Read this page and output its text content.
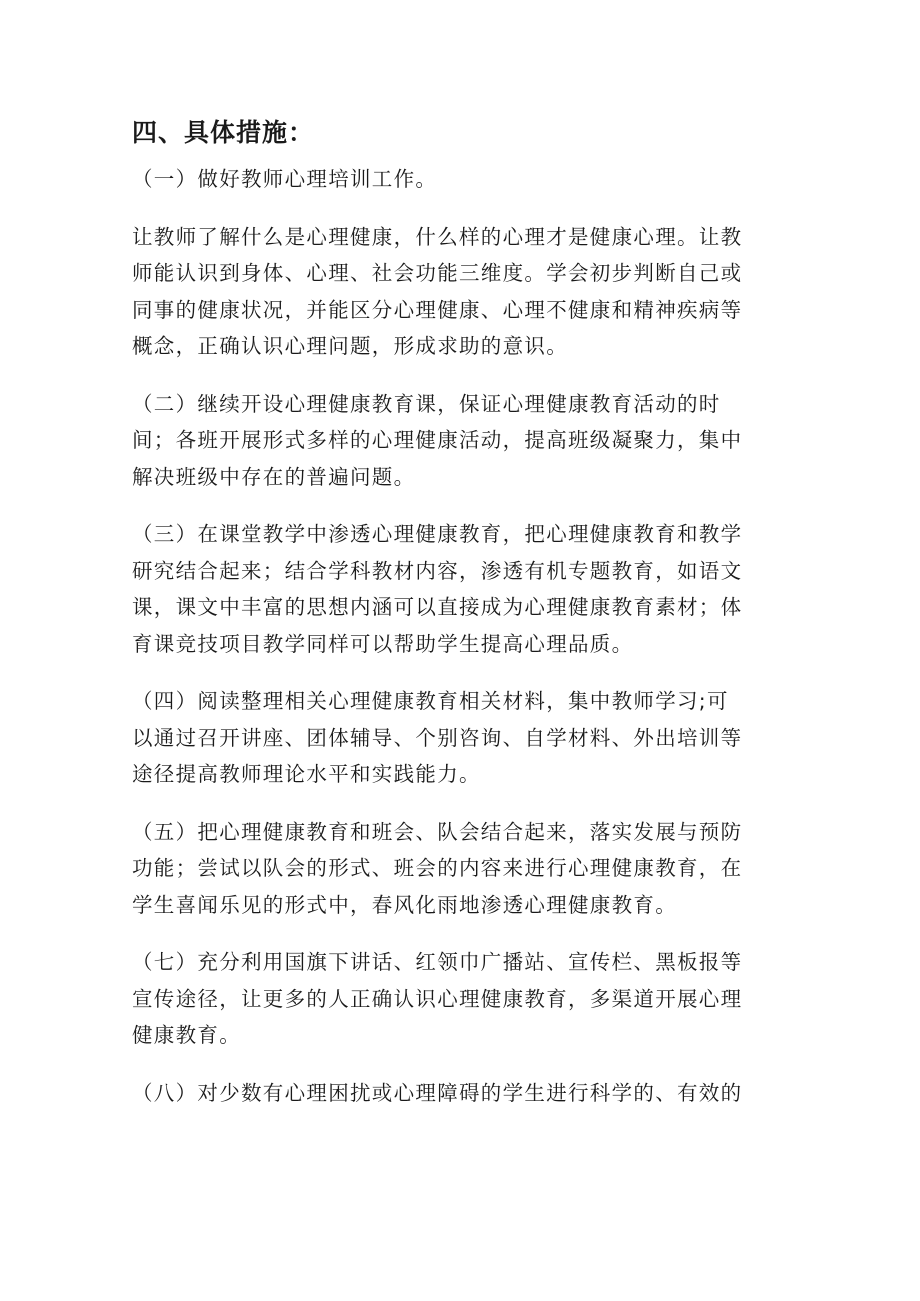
四、具体措施：
（一）做好教师心理培训工作。
让教师了解什么是心理健康，什么样的心理才是健康心理。让教
师能认识到身体、心理、社会功能三维度。学会初步判断自己或
同事的健康状况，并能区分心理健康、心理不健康和精神疾病等
概念，正确认识心理问题，形成求助的意识。
（二）继续开设心理健康教育课，保证心理健康教育活动的时
间；各班开展形式多样的心理健康活动，提高班级凝聚力，集中
解决班级中存在的普遍问题。
（三）在课堂教学中渗透心理健康教育，把心理健康教育和教学
研究结合起来；结合学科教材内容，渗透有机专题教育，如语文
课，课文中丰富的思想内涵可以直接成为心理健康教育素材；体
育课竞技项目教学同样可以帮助学生提高心理品质。
（四）阅读整理相关心理健康教育相关材料，集中教师学习;可
以通过召开讲座、团体辅导、个别咨询、自学材料、外出培训等
途径提高教师理论水平和实践能力。
（五）把心理健康教育和班会、队会结合起来，落实发展与预防
功能；尝试以队会的形式、班会的内容来进行心理健康教育，在
学生喜闻乐见的形式中，春风化雨地渗透心理健康教育。
（七）充分利用国旗下讲话、红领巾广播站、宣传栏、黑板报等
宣传途径，让更多的人正确认识心理健康教育，多渠道开展心理
健康教育。
（八）对少数有心理困扰或心理障碍的学生进行科学的、有效的
